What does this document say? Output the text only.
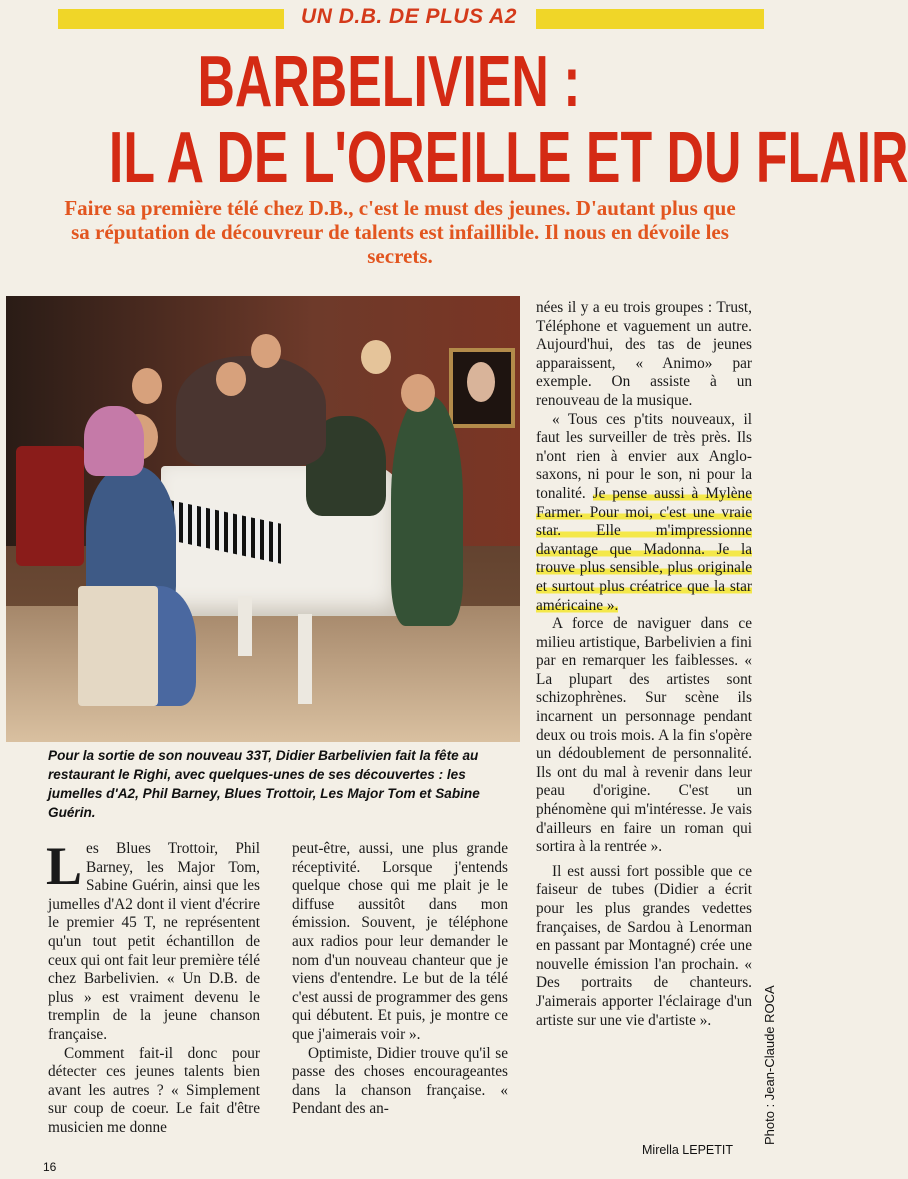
UN D.B. DE PLUS A2
BARBELIVIEN :
IL A DE L'OREILLE ET DU FLAIR
Faire sa première télé chez D.B., c'est le must des jeunes. D'autant plus que sa réputation de découvreur de talents est infaillible. Il nous en dévoile les secrets.
Pour la sortie de son nouveau 33T, Didier Barbelivien fait la fête au restaurant le Righi, avec quelques-unes de ses découvertes : les jumelles d'A2, Phil Barney, Blues Trottoir, Les Major Tom et Sabine Guérin.

Les Blues Trottoir, Phil Barney, les Major Tom, Sabine Guérin, ainsi que les jumelles d'A2 dont il vient d'écrire le premier 45 T, ne représentent qu'un tout petit échantillon de ceux qui ont fait leur première télé chez Barbelivien. « Un D.B. de plus » est vraiment devenu le tremplin de la jeune chanson française.

Comment fait-il donc pour détecter ces jeunes talents bien avant les autres ? « Simplement sur coup de coeur. Le fait d'être musicien me donne

peut-être, aussi, une plus grande réceptivité. Lorsque j'entends quelque chose qui me plait je le diffuse aussitôt dans mon émission. Souvent, je téléphone aux radios pour leur demander le nom d'un nouveau chanteur que je viens d'entendre. Le but de la télé c'est aussi de programmer des gens qui débutent. Et puis, je montre ce que j'aimerais voir ».

Optimiste, Didier trouve qu'il se passe des choses encourageantes dans la chanson française. « Pendant des an-

nées il y a eu trois groupes : Trust, Téléphone et vaguement un autre. Aujourd'hui, des tas de jeunes apparaissent, « Animo» par exemple. On assiste à un renouveau de la musique.

« Tous ces p'tits nouveaux, il faut les surveiller de très près. Ils n'ont rien à envier aux Anglo-saxons, ni pour le son, ni pour la tonalité. Je pense aussi à Mylène Farmer. Pour moi, c'est une vraie star. Elle m'impressionne davantage que Madonna. Je la trouve plus sensible, plus originale et surtout plus créatrice que la star américaine ».

A force de naviguer dans ce milieu artistique, Barbelivien a fini par en remarquer les faiblesses. « La plupart des artistes sont schizophrènes. Sur scène ils incarnent un personnage pendant deux ou trois mois. A la fin s'opère un dédoublement de personnalité. Ils ont du mal à revenir dans leur peau d'origine. C'est un phénomène qui m'intéresse. Je vais d'ailleurs en faire un roman qui sortira à la rentrée ».

Il est aussi fort possible que ce faiseur de tubes (Didier a écrit pour les plus grandes vedettes françaises, de Sardou à Lenorman en passant par Montagné) crée une nouvelle émission l'an prochain. « Des portraits de chanteurs. J'aimerais apporter l'éclairage d'un artiste sur une vie d'artiste ».

Mirella LEPETIT
16
Photo : Jean-Claude ROCA
